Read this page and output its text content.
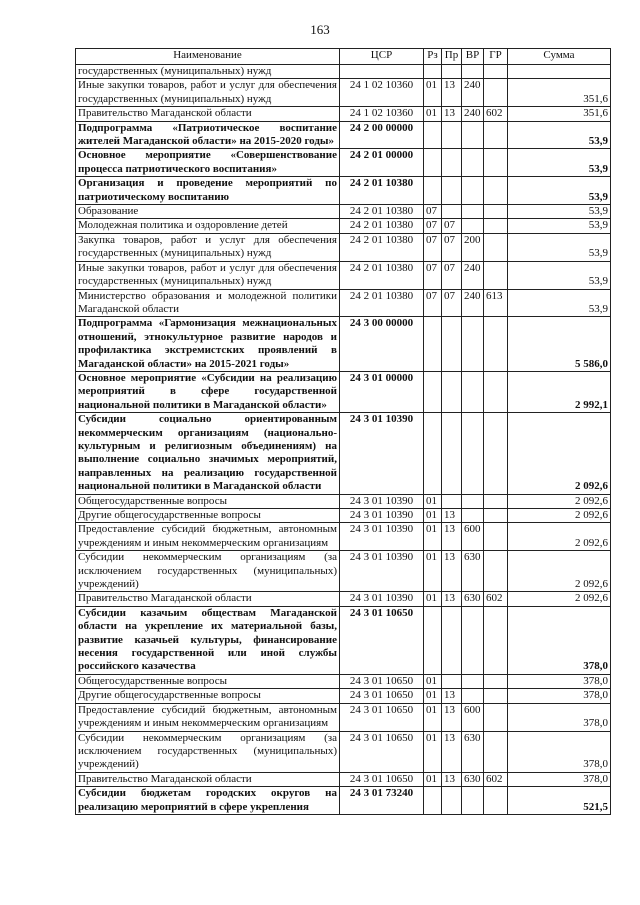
163
Наименование	ЦСР	Рз	Пр	ВР	ГР	Сумма
государственных (муниципальных) нужд						
Иные закупки товаров, работ и услуг для обеспечения государственных (муниципальных) нужд	24 1 02 10360	01	13	240		351,6
Правительство Магаданской области	24 1 02 10360	01	13	240	602	351,6
Подпрограмма «Патриотическое воспитание жителей Магаданской области» на 2015-2020 годы»	24 2 00 00000					53,9
Основное мероприятие «Совершенствование процесса патриотического воспитания»	24 2 01 00000					53,9
Организация и проведение мероприятий по патриотическому воспитанию	24 2 01 10380					53,9
Образование	24 2 01 10380	07				53,9
Молодежная политика и оздоровление детей	24 2 01 10380	07	07			53,9
Закупка товаров, работ и услуг для обеспечения государственных (муниципальных) нужд	24 2 01 10380	07	07	200		53,9
Иные закупки товаров, работ и услуг для обеспечения государственных (муниципальных) нужд	24 2 01 10380	07	07	240		53,9
Министерство образования и молодежной политики Магаданской области	24 2 01 10380	07	07	240	613	53,9
Подпрограмма «Гармонизация межнациональных отношений, этнокультурное развитие народов и профилактика экстремистских проявлений в Магаданской области» на 2015-2021 годы»	24 3 00 00000					5 586,0
Основное мероприятие «Субсидии на реализацию мероприятий в сфере государственной национальной политики в Магаданской области»	24 3 01 00000					2 992,1
Субсидии социально ориентированным некоммерческим организациям (национально-культурным и религиозным объединениям) на выполнение социально значимых мероприятий, направленных на реализацию государственной национальной политики в Магаданской области	24 3 01 10390					2 092,6
Общегосударственные вопросы	24 3 01 10390	01				2 092,6
Другие общегосударственные вопросы	24 3 01 10390	01	13			2 092,6
Предоставление субсидий бюджетным, автономным учреждениям и иным некоммерческим организациям	24 3 01 10390	01	13	600		2 092,6
Субсидии некоммерческим организациям (за исключением государственных (муниципальных) учреждений)	24 3 01 10390	01	13	630		2 092,6
Правительство Магаданской области	24 3 01 10390	01	13	630	602	2 092,6
Субсидии казачьим обществам Магаданской области на укрепление их материальной базы, развитие казачьей культуры, финансирование несения государственной или иной службы российского казачества	24 3 01 10650					378,0
Общегосударственные вопросы	24 3 01 10650	01				378,0
Другие общегосударственные вопросы	24 3 01 10650	01	13			378,0
Предоставление субсидий бюджетным, автономным учреждениям и иным некоммерческим организациям	24 3 01 10650	01	13	600		378,0
Субсидии некоммерческим организациям (за исключением государственных (муниципальных) учреждений)	24 3 01 10650	01	13	630		378,0
Правительство Магаданской области	24 3 01 10650	01	13	630	602	378,0
Субсидии бюджетам городских округов на реализацию мероприятий в сфере укрепления	24 3 01 73240					521,5
